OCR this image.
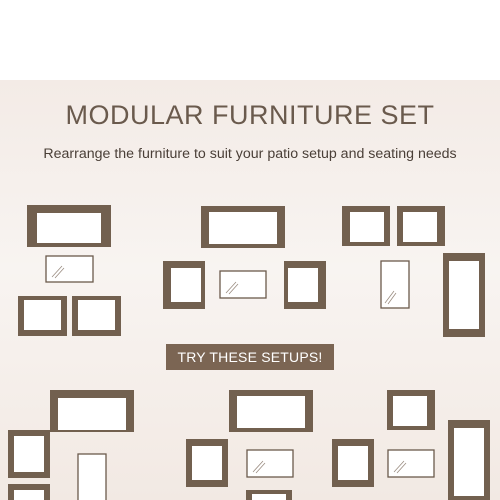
MODULAR FURNITURE SET

Rearrange the furniture to suit your patio setup and seating needs

TRY THESE SETUPS!
